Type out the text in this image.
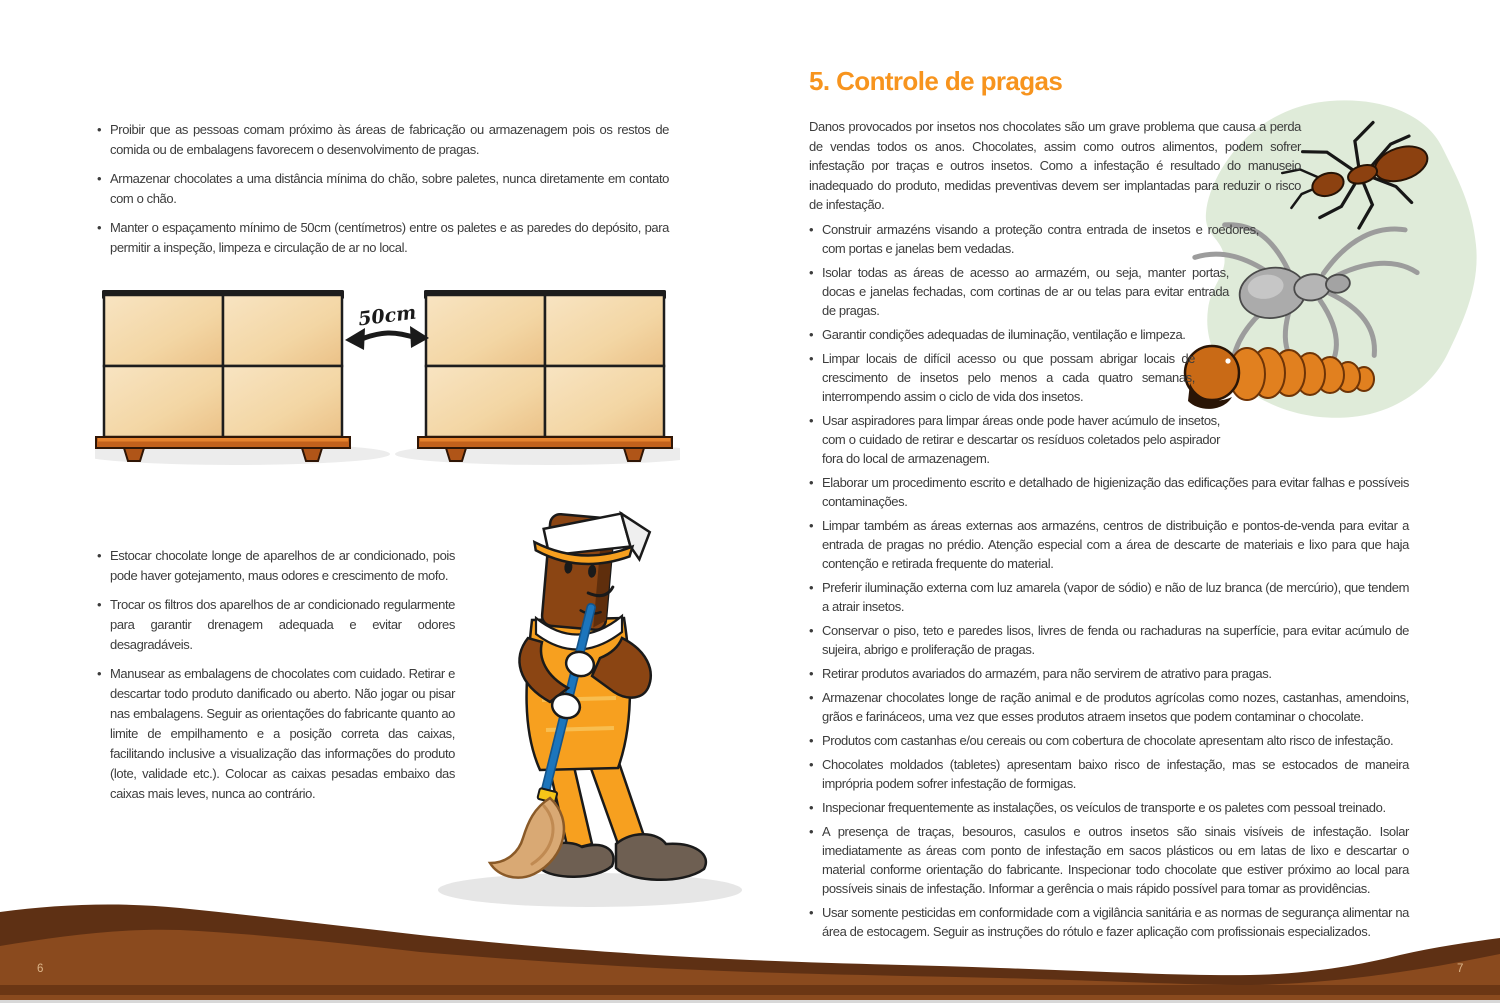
• Proibir que as pessoas comam próximo às áreas de fabricação ou armazenagem pois os restos de comida ou de embalagens favorecem o desenvolvimento de pragas.
• Armazenar chocolates a uma distância mínima do chão, sobre paletes, nunca diretamente em contato com o chão.
• Manter o espaçamento mínimo de 50cm (centímetros) entre os paletes e as paredes do depósito, para permitir a inspeção, limpeza e circulação de ar no local.
50cm
• Estocar chocolate longe de aparelhos de ar condicionado, pois pode haver gotejamento, maus odores e crescimento de mofo.
• Trocar os filtros dos aparelhos de ar condicionado regularmente para garantir drenagem adequada e evitar odores desagradáveis.
• Manusear as embalagens de chocolates com cuidado. Retirar e descartar todo produto danificado ou aberto. Não jogar ou pisar nas embalagens. Seguir as orientações do fabricante quanto ao limite de empilhamento e a posição correta das caixas, facilitando inclusive a visualização das informações do produto (lote, validade etc.). Colocar as caixas pesadas embaixo das caixas mais leves, nunca ao contrário.
5. Controle de pragas

Danos provocados por insetos nos chocolates são um grave problema que causa a perda de vendas todos os anos. Chocolates, assim como outros alimentos, podem sofrer infestação por traças e outros insetos. Como a infestação é resultado do manuseio inadequado do produto, medidas preventivas devem ser implantadas para reduzir o risco de infestação.

• Construir armazéns visando a proteção contra entrada de insetos e roedores, com portas e janelas bem vedadas.
• Isolar todas as áreas de acesso ao armazém, ou seja, manter portas, docas e janelas fechadas, com cortinas de ar ou telas para evitar entrada de pragas.
• Garantir condições adequadas de iluminação, ventilação e limpeza.
• Limpar locais de difícil acesso ou que possam abrigar locais de crescimento de insetos pelo menos a cada quatro semanas, interrompendo assim o ciclo de vida dos insetos.
• Usar aspiradores para limpar áreas onde pode haver acúmulo de insetos, com o cuidado de retirar e descartar os resíduos coletados pelo aspirador fora do local de armazenagem.
• Elaborar um procedimento escrito e detalhado de higienização das edificações para evitar falhas e possíveis contaminações.
• Limpar também as áreas externas aos armazéns, centros de distribuição e pontos-de-venda para evitar a entrada de pragas no prédio. Atenção especial com a área de descarte de materiais e lixo para que haja contenção e retirada frequente do material.
• Preferir iluminação externa com luz amarela (vapor de sódio) e não de luz branca (de mercúrio), que tendem a atrair insetos.
• Conservar o piso, teto e paredes lisos, livres de fenda ou rachaduras na superfície, para evitar acúmulo de sujeira, abrigo e proliferação de pragas.
• Retirar produtos avariados do armazém, para não servirem de atrativo para pragas.
• Armazenar chocolates longe de ração animal e de produtos agrícolas como nozes, castanhas, amendoins, grãos e farináceos, uma vez que esses produtos atraem insetos que podem contaminar o chocolate.
• Produtos com castanhas e/ou cereais ou com cobertura de chocolate apresentam alto risco de infestação.
• Chocolates moldados (tabletes) apresentam baixo risco de infestação, mas se estocados de maneira imprópria podem sofrer infestação de formigas.
• Inspecionar frequentemente as instalações, os veículos de transporte e os paletes com pessoal treinado.
• A presença de traças, besouros, casulos e outros insetos são sinais visíveis de infestação. Isolar imediatamente as áreas com ponto de infestação em sacos plásticos ou em latas de lixo e descartar o material conforme orientação do fabricante. Inspecionar todo chocolate que estiver próximo ao local para possíveis sinais de infestação. Informar a gerência o mais rápido possível para tomar as providências.
• Usar somente pesticidas em conformidade com a vigilância sanitária e as normas de segurança alimentar na área de estocagem. Seguir as instruções do rótulo e fazer aplicação com profissionais especializados.
6	7
